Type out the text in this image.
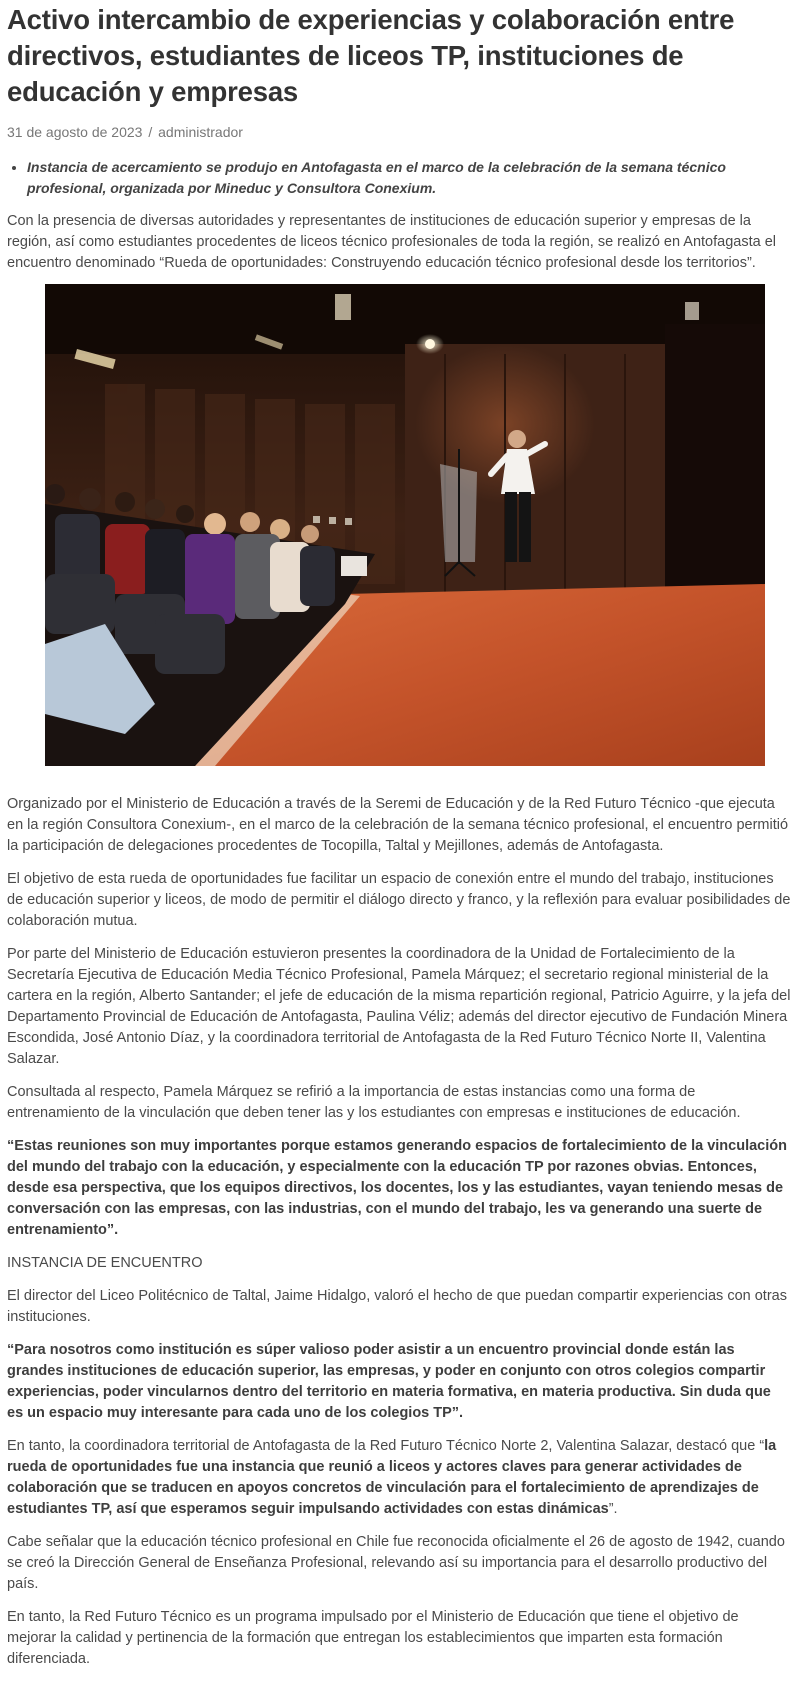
Activo intercambio de experiencias y colaboración entre directivos, estudiantes de liceos TP, instituciones de educación y empresas
31 de agosto de 2023 / administrador
• Instancia de acercamiento se produjo en Antofagasta en el marco de la celebración de la semana técnico profesional, organizada por Mineduc y Consultora Conexium.

Con la presencia de diversas autoridades y representantes de instituciones de educación superior y empresas de la región, así como estudiantes procedentes de liceos técnico profesionales de toda la región, se realizó en Antofagasta el encuentro denominado “Rueda de oportunidades: Construyendo educación técnico profesional desde los territorios”.

Organizado por el Ministerio de Educación a través de la Seremi de Educación y de la Red Futuro Técnico -que ejecuta en la región Consultora Conexium-, en el marco de la celebración de la semana técnico profesional, el encuentro permitió la participación de delegaciones procedentes de Tocopilla, Taltal y Mejillones, además de Antofagasta.

El objetivo de esta rueda de oportunidades fue facilitar un espacio de conexión entre el mundo del trabajo, instituciones de educación superior y liceos, de modo de permitir el diálogo directo y franco, y la reflexión para evaluar posibilidades de colaboración mutua.

Por parte del Ministerio de Educación estuvieron presentes la coordinadora de la Unidad de Fortalecimiento de la Secretaría Ejecutiva de Educación Media Técnico Profesional, Pamela Márquez; el secretario regional ministerial de la cartera en la región, Alberto Santander; el jefe de educación de la misma repartición regional, Patricio Aguirre, y la jefa del Departamento Provincial de Educación de Antofagasta, Paulina Véliz; además del director ejecutivo de Fundación Minera Escondida, José Antonio Díaz, y la coordinadora territorial de Antofagasta de la Red Futuro Técnico Norte II, Valentina Salazar.

Consultada al respecto, Pamela Márquez se refirió a la importancia de estas instancias como una forma de entrenamiento de la vinculación que deben tener las y los estudiantes con empresas e instituciones de educación.

“Estas reuniones son muy importantes porque estamos generando espacios de fortalecimiento de la vinculación del mundo del trabajo con la educación, y especialmente con la educación TP por razones obvias. Entonces, desde esa perspectiva, que los equipos directivos, los docentes, los y las estudiantes, vayan teniendo mesas de conversación con las empresas, con las industrias, con el mundo del trabajo, les va generando una suerte de entrenamiento”.

INSTANCIA DE ENCUENTRO

El director del Liceo Politécnico de Taltal, Jaime Hidalgo, valoró el hecho de que puedan compartir experiencias con otras instituciones.

“Para nosotros como institución es súper valioso poder asistir a un encuentro provincial donde están las grandes instituciones de educación superior, las empresas, y poder en conjunto con otros colegios compartir experiencias, poder vincularnos dentro del territorio en materia formativa, en materia productiva. Sin duda que es un espacio muy interesante para cada uno de los colegios TP”.

En tanto, la coordinadora territorial de Antofagasta de la Red Futuro Técnico Norte 2, Valentina Salazar, destacó que “la rueda de oportunidades fue una instancia que reunió a liceos y actores claves para generar actividades de colaboración que se traducen en apoyos concretos de vinculación para el fortalecimiento de aprendizajes de estudiantes TP, así que esperamos seguir impulsando actividades con estas dinámicas”.

Cabe señalar que la educación técnico profesional en Chile fue reconocida oficialmente el 26 de agosto de 1942, cuando se creó la Dirección General de Enseñanza Profesional, relevando así su importancia para el desarrollo productivo del país.

En tanto, la Red Futuro Técnico es un programa impulsado por el Ministerio de Educación que tiene el objetivo de mejorar la calidad y pertinencia de la formación que entregan los establecimientos que imparten esta formación diferenciada.
